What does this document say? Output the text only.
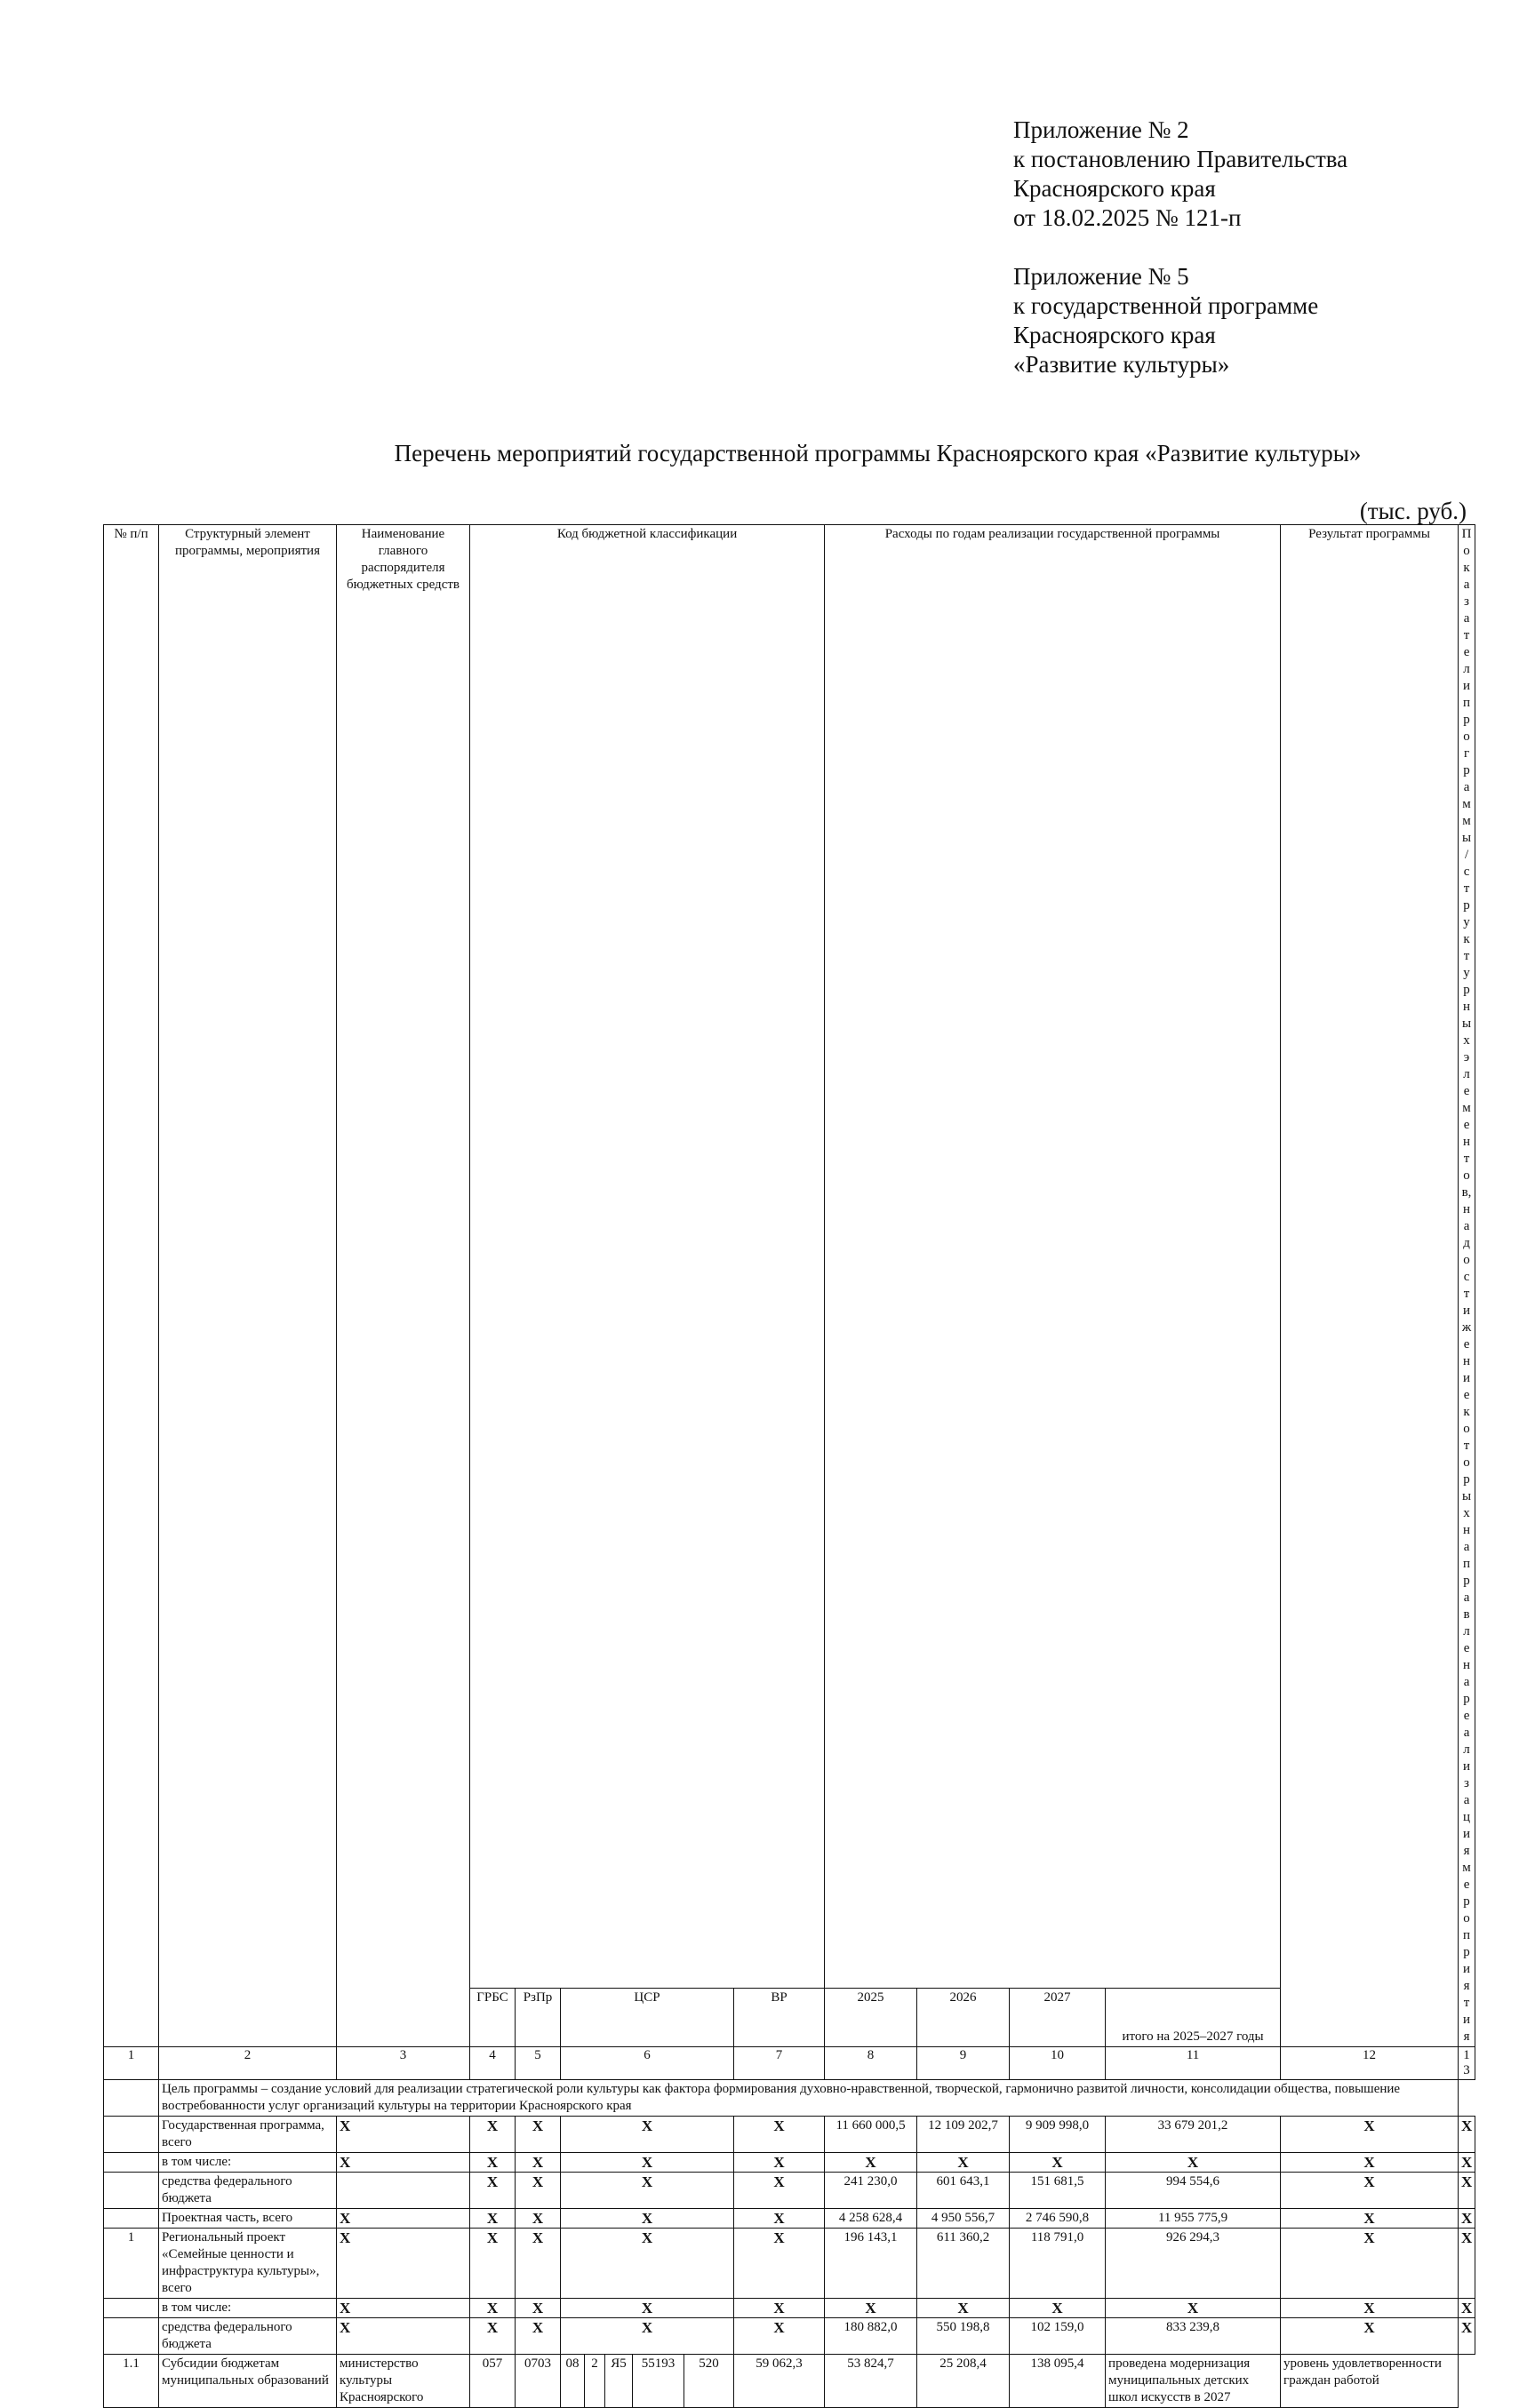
Приложение № 2
к постановлению Правительства
Красноярского края
от 18.02.2025 № 121-п
Приложение № 5
к государственной программе
Красноярского края
«Развитие культуры»
Перечень мероприятий государственной программы Красноярского края «Развитие культуры»
(тыс. руб.)
№ п/п	Структурный элемент программы, мероприятия	Наименование главного распорядителя бюджетных средств	Код бюджетной классификации								Расходы по годам реализации государственной программы				Результат программы	Показатели программы / структурных элементов, на достижение которых направлена реализация мероприятия
			ГРБС	РзПр	ЦСР					ВР	2025	2026	2027	итого на 2025–2027 годы		
1	2	3	4	5	6					7	8	9	10	11	12	13
	Цель программы – создание условий для реализации стратегической роли культуры как фактора формирования духовно-нравственной, творческой, гармонично развитой личности, консолидации общества, повышение востребованности услуг организаций культуры на территории Красноярского края															
	Государственная программа, всего	X	X	X	X					X	11 660 000,5	12 109 202,7	9 909 998,0	33 679 201,2	X	X
	в том числе:	X	X	X	X					X	X	X	X	X	X	X
	средства федерального бюджета		X	X	X					X	241 230,0	601 643,1	151 681,5	994 554,6	X	X
	Проектная часть, всего	X	X	X	X					X	4 258 628,4	4 950 556,7	2 746 590,8	11 955 775,9	X	X
1	Региональный проект «Семейные ценности и инфраструктура культуры», всего	X	X	X	X					X	196 143,1	611 360,2	118 791,0	926 294,3	X	X
	в том числе:	X	X	X	X					X	X	X	X	X	X	X
	средства федерального бюджета	X	X	X	X					X	180 882,0	550 198,8	102 159,0	833 239,8	X	X
1.1	Субсидии бюджетам муниципальных образований	министерство культуры Красноярского	057	0703	08	2	Я5	55193	520	59 062,3	53 824,7	25 208,4	138 095,4	проведена модернизация муниципальных детских школ искусств в 2027	уровень удовлетворенности граждан работой	
